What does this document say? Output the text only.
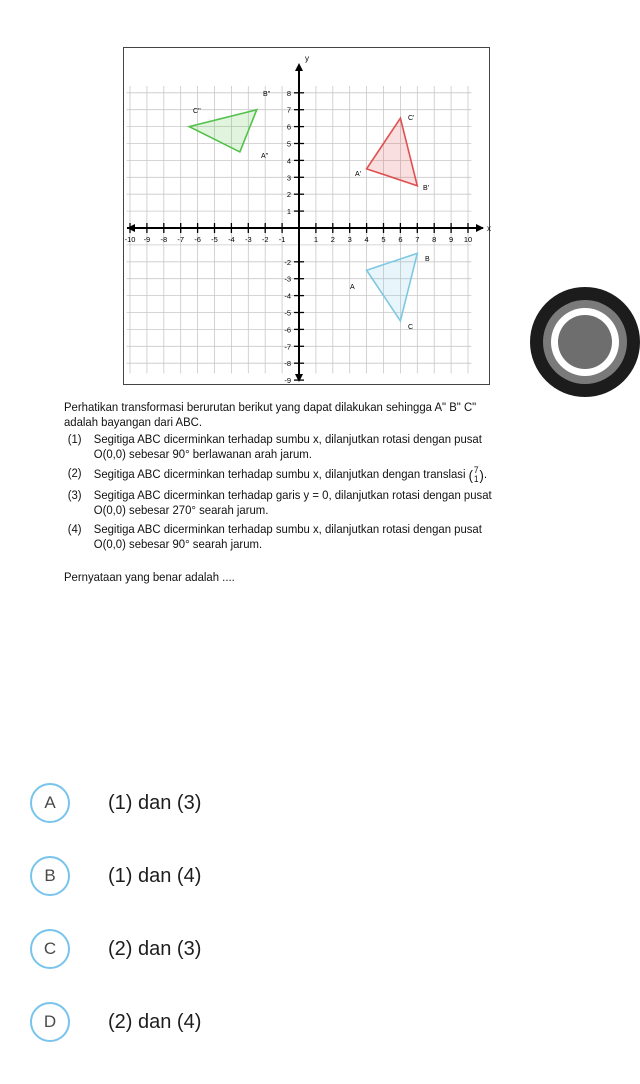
x
y
-10 -9 -8 -7 -6 -5 -4 -3 -2 -1	1 2 3 4 5 6 7 8 9 10
8
7
6
5
4
3
2
1
-2
-3
-4
-5
-6
-7
-8
-9
A
B
C
A'
B'
C'
A''
B''
C''

Perhatikan transformasi berurutan berikut yang dapat dilakukan sehingga A" B" C"

adalah bayangan dari ABC.

(1) Segitiga ABC dicerminkan terhadap sumbu x, dilanjutkan rotasi dengan pusat
O(0,0) sebesar 90° berlawanan arah jarum.
(2) Segitiga ABC dicerminkan terhadap sumbu x, dilanjutkan dengan translasi ( 7
1 ).
(3) Segitiga ABC dicerminkan terhadap garis y = 0, dilanjutkan rotasi dengan pusat
O(0,0) sebesar 270° searah jarum.
(4) Segitiga ABC dicerminkan terhadap sumbu x, dilanjutkan rotasi dengan pusat
O(0,0) sebesar 90° searah jarum.

Pernyataan yang benar adalah ....

A	(1) dan (3)
B	(1) dan (4)
C	(2) dan (3)
D	(2) dan (4)
